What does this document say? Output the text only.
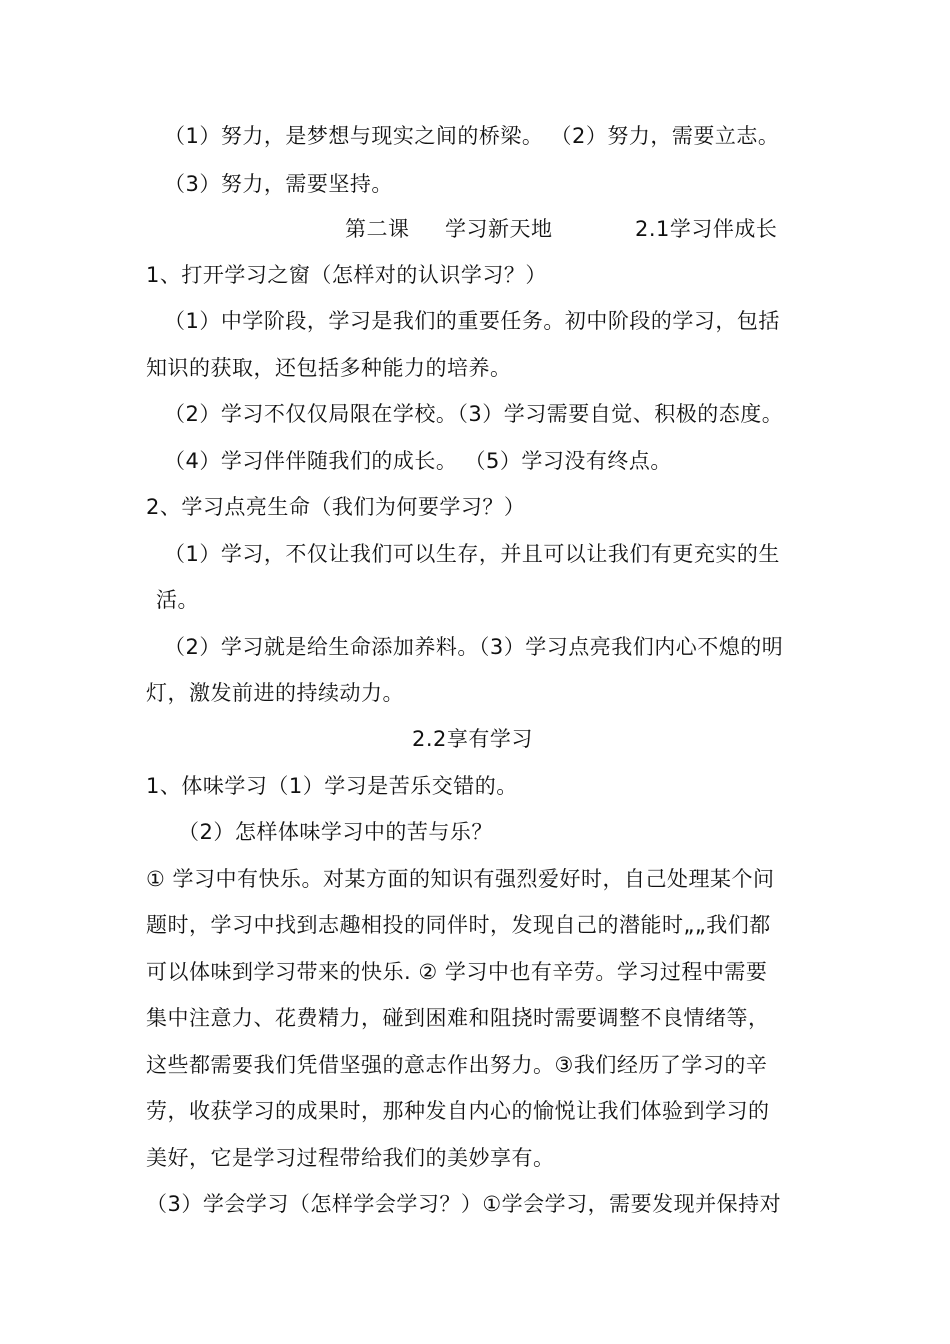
（1）努力，是梦想与现实之间的桥梁。 （2）努力，需要立志。
（3）努力，需要坚持。
第二课 学习新天地	2.1学习伴成长
1、打开学习之窗（怎样对的认识学习？）
（1）中学阶段，学习是我们的重要任务。初中阶段的学习，包括
知识的获取，还包括多种能力的培养。
（2）学习不仅仅局限在学校。（3）学习需要自觉、积极的态度。
（4）学习伴伴随我们的成长。 （5）学习没有终点。
2、学习点亮生命（我们为何要学习？）
（1）学习，不仅让我们可以生存，并且可以让我们有更充实的生
活。
（2）学习就是给生命添加养料。（3）学习点亮我们内心不熄的明
灯，激发前进的持续动力。
2.2享有学习
1、体味学习（1）学习是苦乐交错的。
（2）怎样体味学习中的苦与乐？
① 学习中有快乐。对某方面的知识有强烈爱好时，自己处理某个问
题时，学习中找到志趣相投的同伴时，发现自己的潜能时„„我们都
可以体味到学习带来的快乐. ② 学习中也有辛劳。学习过程中需要
集中注意力、花费精力，碰到困难和阻挠时需要调整不良情绪等，
这些都需要我们凭借坚强的意志作出努力。③我们经历了学习的辛
劳，收获学习的成果时，那种发自内心的愉悦让我们体验到学习的
美好，它是学习过程带给我们的美妙享有。
（3）学会学习（怎样学会学习？）①学会学习，需要发现并保持对
